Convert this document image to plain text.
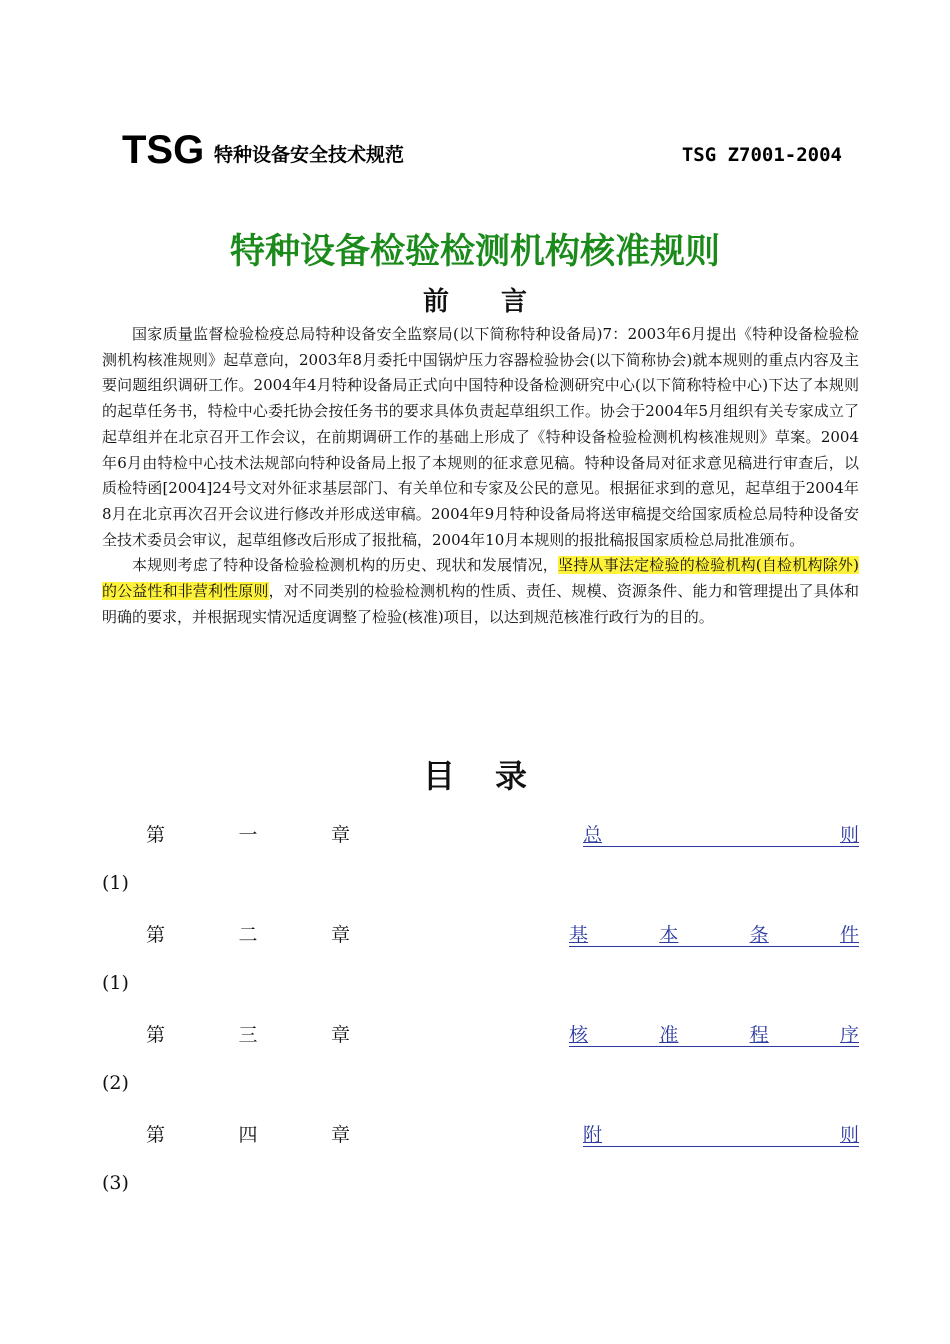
TSG 特种设备安全技术规范	TSG Z7001-2004
特种设备检验检测机构核准规则
前言

国家质量监督检验检疫总局特种设备安全监察局(以下简称特种设备局)7：2003年6月提出《特种设备检验检测机构核准规则》起草意向，2003年8月委托中国锅炉压力容器检验协会(以下简称协会)就本规则的重点内容及主要问题组织调研工作。2004年4月特种设备局正式向中国特种设备检测研究中心(以下简称特检中心)下达了本规则的起草任务书，特检中心委托协会按任务书的要求具体负责起草组织工作。协会于2004年5月组织有关专家成立了起草组并在北京召开工作会议，在前期调研工作的基础上形成了《特种设备检验检测机构核准规则》草案。2004年6月由特检中心技术法规部向特种设备局上报了本规则的征求意见稿。特种设备局对征求意见稿进行审查后，以质检特函[2004]24号文对外征求基层部门、有关单位和专家及公民的意见。根据征求到的意见，起草组于2004年8月在北京再次召开会议进行修改并形成送审稿。2004年9月特种设备局将送审稿提交给国家质检总局特种设备安全技术委员会审议，起草组修改后形成了报批稿，2004年10月本规则的报批稿报国家质检总局批准颁布。

本规则考虑了特种设备检验检测机构的历史、现状和发展情况，坚持从事法定检验的检验机构(自检机构除外)的公益性和非营利性原则，对不同类别的检验检测机构的性质、责任、规模、资源条件、能力和管理提出了具体和明确的要求，并根据现实情况适度调整了检验(核准)项目，以达到规范核准行政行为的目的。

目录
第	一	章	总	则
(1)
第	二	章	基	本	条	件
(1)
第	三	章	核	准	程	序
(2)
第	四	章	附	则
(3)
